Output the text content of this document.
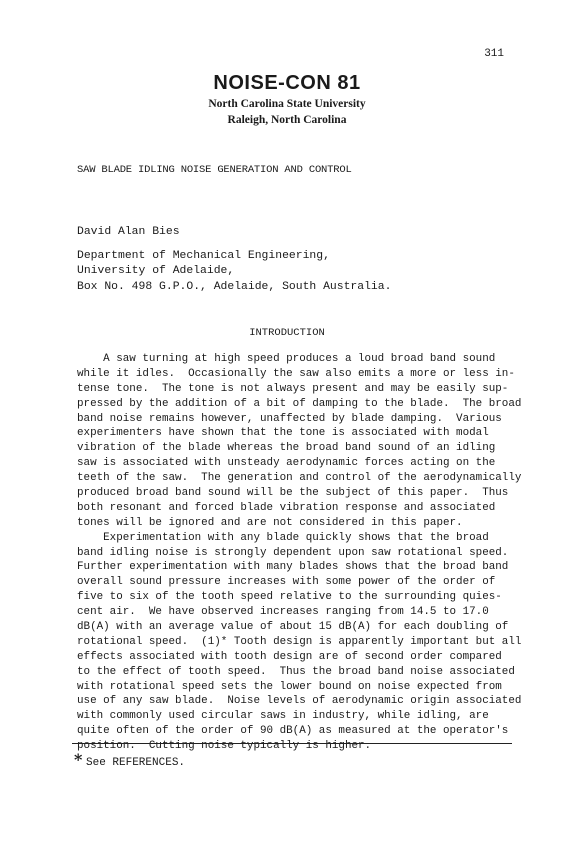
311
NOISE-CON 81
North Carolina State University
Raleigh, North Carolina
SAW BLADE IDLING NOISE GENERATION AND CONTROL
David Alan Bies
Department of Mechanical Engineering,
University of Adelaide,
Box No. 498 G.P.O., Adelaide, South Australia.
INTRODUCTION
A saw turning at high speed produces a loud broad band sound
while it idles.  Occasionally the saw also emits a more or less in-
tense tone.  The tone is not always present and may be easily sup-
pressed by the addition of a bit of damping to the blade.  The broad
band noise remains however, unaffected by blade damping.  Various
experimenters have shown that the tone is associated with modal
vibration of the blade whereas the broad band sound of an idling
saw is associated with unsteady aerodynamic forces acting on the
teeth of the saw.  The generation and control of the aerodynamically
produced broad band sound will be the subject of this paper.  Thus
both resonant and forced blade vibration response and associated
tones will be ignored and are not considered in this paper.
Experimentation with any blade quickly shows that the broad
band idling noise is strongly dependent upon saw rotational speed.
Further experimentation with many blades shows that the broad band
overall sound pressure increases with some power of the order of
five to six of the tooth speed relative to the surrounding quies-
cent air.  We have observed increases ranging from 14.5 to 17.0
dB(A) with an average value of about 15 dB(A) for each doubling of
rotational speed.  (1)* Tooth design is apparently important but all
effects associated with tooth design are of second order compared
to the effect of tooth speed.  Thus the broad band noise associated
with rotational speed sets the lower bound on noise expected from
use of any saw blade.  Noise levels of aerodynamic origin associated
with commonly used circular saws in industry, while idling, are
quite often of the order of 90 dB(A) as measured at the operator's
position.  Cutting noise typically is higher.
* See REFERENCES.
